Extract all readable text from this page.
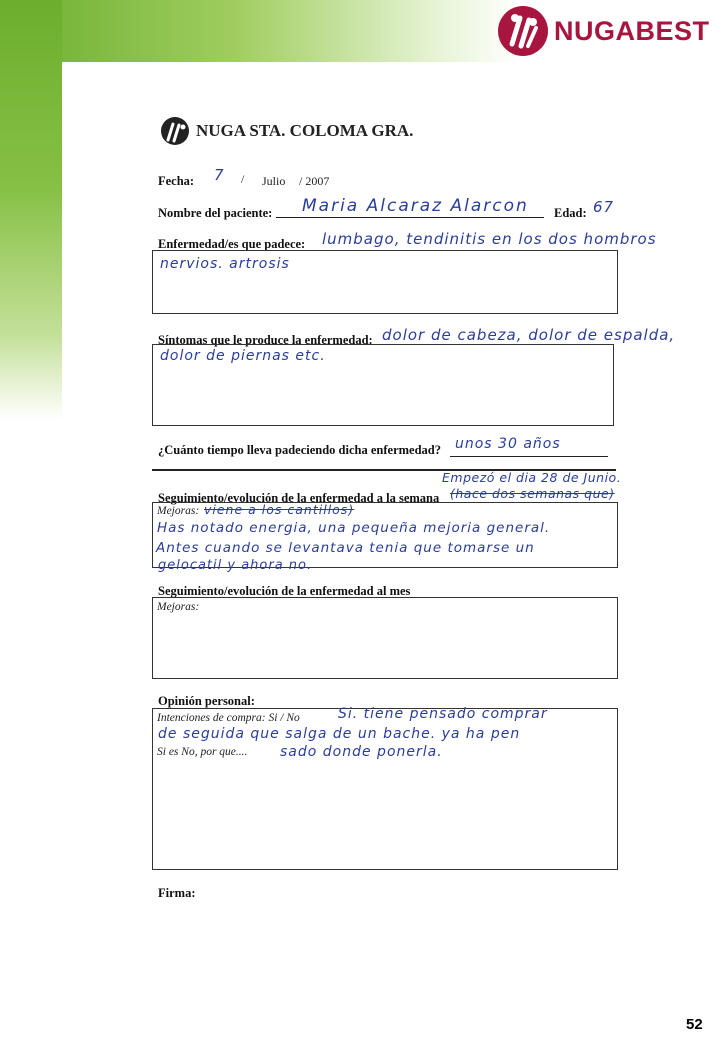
NUGABEST
NUGA STA. COLOMA GRA.
Fecha: 7 / Julio / 2007
Nombre del paciente: Maria Alcaraz Alarcon Edad: 67
Enfermedad/es que padece: lumbago, tendinitis en los dos hombros
nervios. artrosis
Síntomas que le produce la enfermedad: dolor de cabeza, dolor de espalda,
dolor de piernas etc.
¿Cuánto tiempo lleva padeciendo dicha enfermedad? unos 30 años
Empezó el dia 28 de Junio.
Seguimiento/evolución de la enfermedad a la semana (hace dos semanas que)
Mejoras: viene a los cantillos)
Has notado energia, una pequeña mejoria general.
Antes cuando se levantava tenia que tomarse un
gelocatil y ahora no.
Seguimiento/evolución de la enfermedad al mes
Mejoras:
Opinión personal:
Intenciones de compra: Si / No	Si. tiene pensado comprar
de seguida que salga de un bache. ya ha pen
Si es No, por que.... sado donde ponerla.
Firma:
52
